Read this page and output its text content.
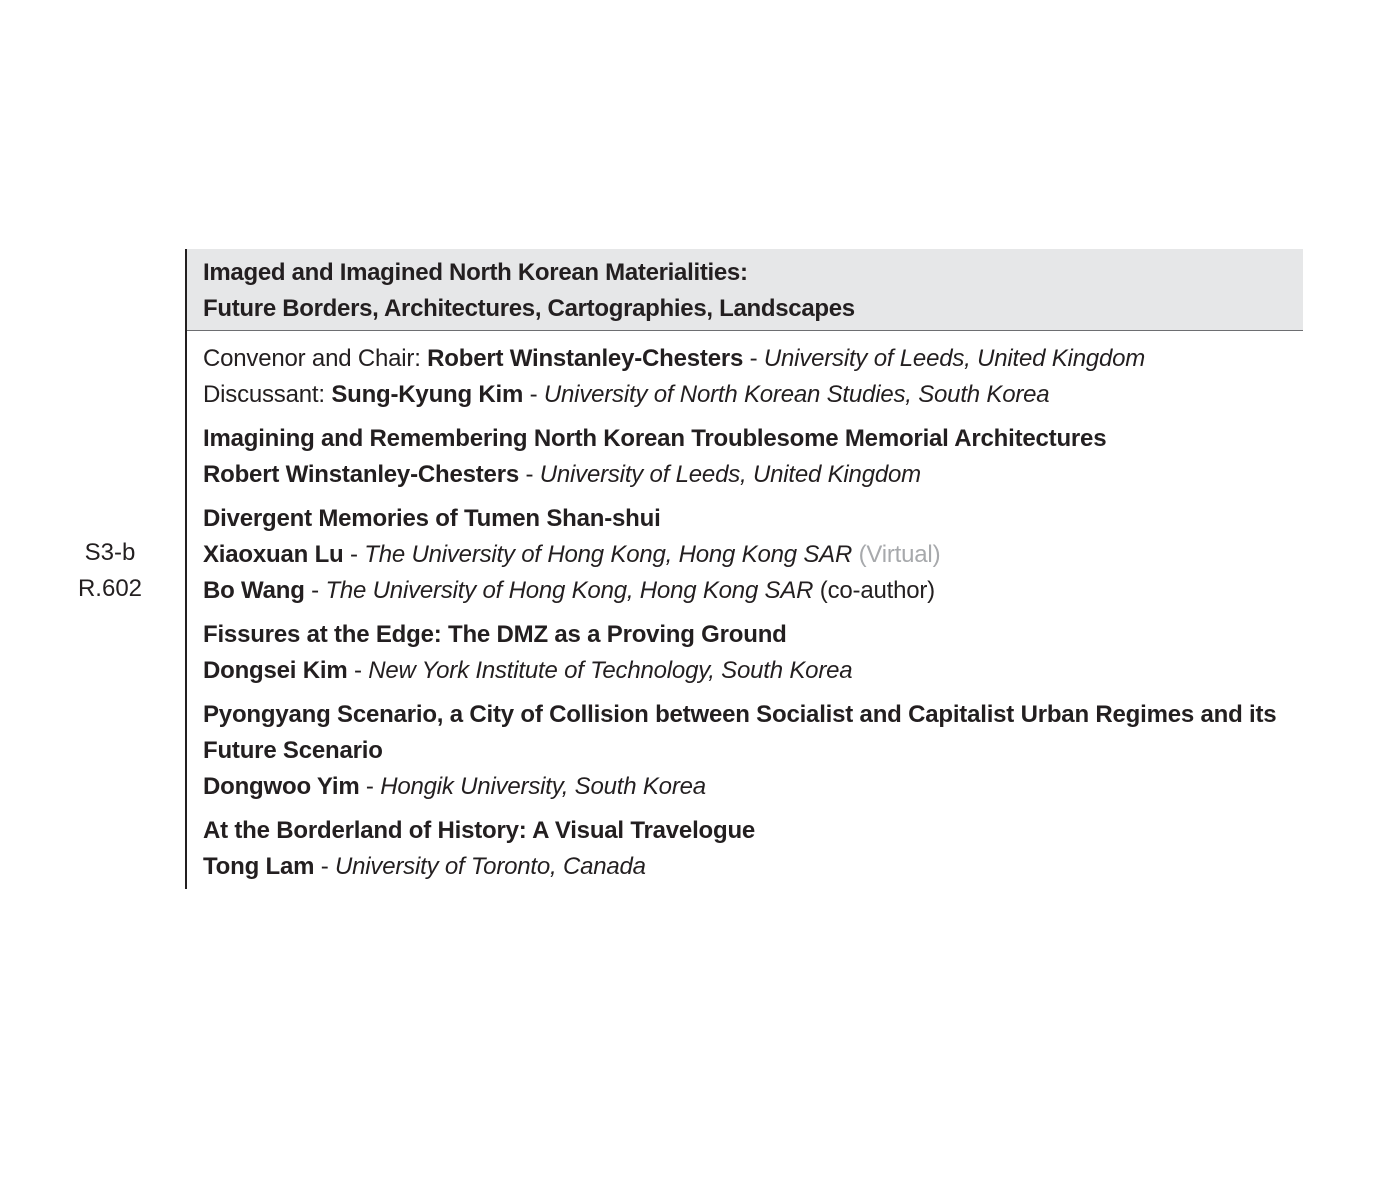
S3-b
R.602
Imaged and Imagined North Korean Materialities:
Future Borders, Architectures, Cartographies, Landscapes
Convenor and Chair: Robert Winstanley-Chesters - University of Leeds, United Kingdom
Discussant: Sung-Kyung Kim - University of North Korean Studies, South Korea
Imagining and Remembering North Korean Troublesome Memorial Architectures
Robert Winstanley-Chesters - University of Leeds, United Kingdom
Divergent Memories of Tumen Shan-shui
Xiaoxuan Lu - The University of Hong Kong, Hong Kong SAR (Virtual)
Bo Wang - The University of Hong Kong, Hong Kong SAR (co-author)
Fissures at the Edge: The DMZ as a Proving Ground
Dongsei Kim - New York Institute of Technology, South Korea
Pyongyang Scenario, a City of Collision between Socialist and Capitalist Urban Regimes and its Future Scenario
Dongwoo Yim - Hongik University, South Korea
At the Borderland of History: A Visual Travelogue
Tong Lam - University of Toronto, Canada
